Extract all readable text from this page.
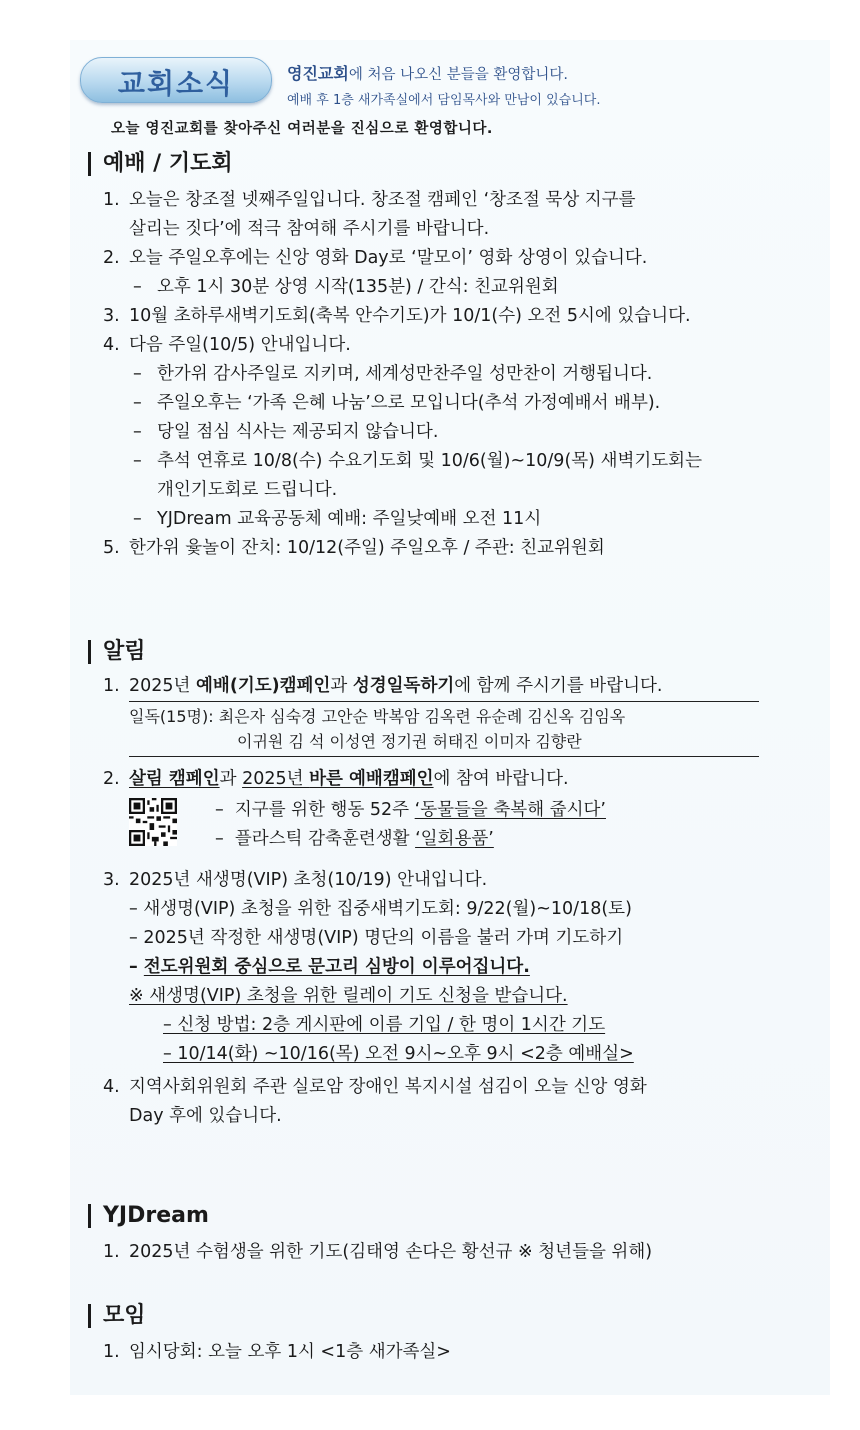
교회소식	영진교회에 처음 나오신 분들을 환영합니다.
예배 후 1층 새가족실에서 담임목사와 만남이 있습니다.
오늘 영진교회를 찾아주신 여러분을 진심으로 환영합니다.
예배 / 기도회
1. 오늘은 창조절 넷째주일입니다. 창조절 캠페인 ‘창조절 묵상 지구를
살리는 짓다’에 적극 참여해 주시기를 바랍니다.
2. 오늘 주일오후에는 신앙 영화 Day로 ‘말모이’ 영화 상영이 있습니다.
– 오후 1시 30분 상영 시작(135분) / 간식: 친교위원회
3. 10월 초하루새벽기도회(축복 안수기도)가 10/1(수) 오전 5시에 있습니다.
4. 다음 주일(10/5) 안내입니다.
– 한가위 감사주일로 지키며, 세계성만찬주일 성만찬이 거행됩니다.
– 주일오후는 ‘가족 은혜 나눔’으로 모입니다(추석 가정예배서 배부).
– 당일 점심 식사는 제공되지 않습니다.
– 추석 연휴로 10/8(수) 수요기도회 및 10/6(월)~10/9(목) 새벽기도회는
개인기도회로 드립니다.
– YJDream 교육공동체 예배: 주일낮예배 오전 11시
5. 한가위 윷놀이 잔치: 10/12(주일) 주일오후 / 주관: 친교위원회
알림
1. 2025년 예배(기도)캠페인과 성경일독하기에 함께 주시기를 바랍니다.
일독(15명): 최은자 심숙경 고안순 박복암 김옥련 유순례 김신옥 김임옥
이귀원 김 석 이성연 정기권 허태진 이미자 김향란
2. 살림 캠페인과 2025년 바른 예배캠페인에 참여 바랍니다.
– 지구를 위한 행동 52주 ‘동물들을 축복해 줍시다’
– 플라스틱 감축훈련생활 ‘일회용품’
3. 2025년 새생명(VIP) 초청(10/19) 안내입니다.
– 새생명(VIP) 초청을 위한 집중새벽기도회: 9/22(월)~10/18(토)
– 2025년 작정한 새생명(VIP) 명단의 이름을 불러 가며 기도하기
– 전도위원회 중심으로 문고리 심방이 이루어집니다.
※ 새생명(VIP) 초청을 위한 릴레이 기도 신청을 받습니다.
– 신청 방법: 2층 게시판에 이름 기입 / 한 명이 1시간 기도
– 10/14(화) ~10/16(목) 오전 9시~오후 9시 <2층 예배실>
4. 지역사회위원회 주관 실로암 장애인 복지시설 섬김이 오늘 신앙 영화
Day 후에 있습니다.
YJDream
1. 2025년 수험생을 위한 기도(김태영 손다은 황선규 ※ 청년들을 위해)
모임
1. 임시당회: 오늘 오후 1시 <1층 새가족실>
